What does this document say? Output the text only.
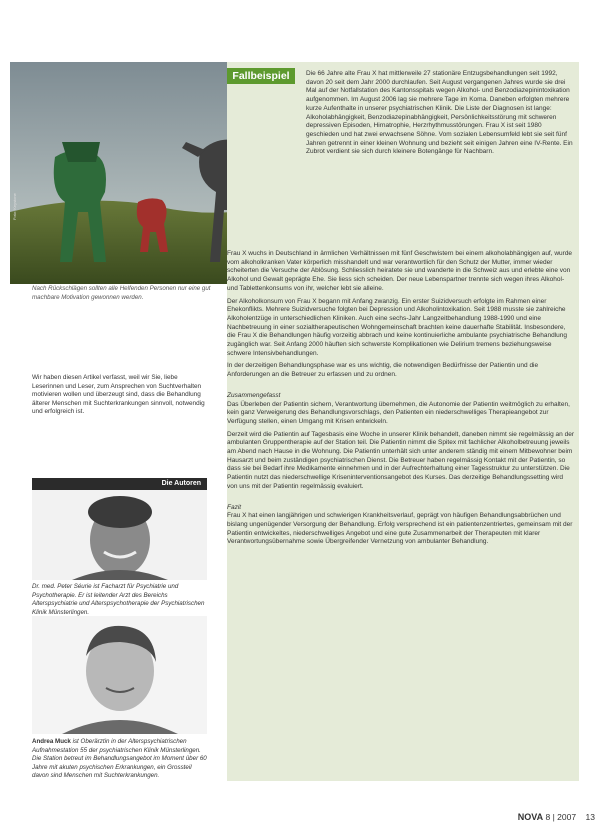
Foto: Keystone
Nach Rückschlägen sollten alle Helfenden Personen nur eine gut machbare Motivation gewonnen werden.

Wir haben diesen Artikel verfasst, weil wir Sie, liebe Leserinnen und Leser, zum Ansprechen von Suchtverhalten motivieren wollen und überzeugt sind, dass die Behandlung älterer Menschen mit Suchterkrankungen sinnvoll, notwendig und erfolgreich ist.

Fallbeispiel	Die 66 Jahre alte Frau X hat mittlerweile 27 stationäre Entzugsbehandlungen seit 1992, davon 20 seit dem Jahr 2000 durchlaufen. Seit August vergangenen Jahres wurde sie drei Mal auf der Notfallstation des Kantonsspitals wegen Alkohol- und Benzodiazepinintoxikation aufgenommen. Im August 2006 lag sie mehrere Tage im Koma. Daneben erfolgten mehrere kurze Aufenthalte in unserer psychiatrischen Klinik. Die Liste der Diagnosen ist lange: Alkoholabhängigkeit, Benzodiazepinabhängigkeit, Persönlichkeitsstörung mit schweren depressiven Episoden, Hirnatrophie, Herzrhythmusstörungen. Frau X ist seit 1980 geschieden und hat zwei erwachsene Söhne. Vom sozialen Lebensumfeld lebt sie seit fünf Jahren getrennt in einer kleinen Wohnung und bezieht seit einigen Jahren eine IV-Rente. Ein Zubrot verdient sie sich durch kleinere Botengänge für Nachbarn.

Frau X wuchs in Deutschland in ärmlichen Verhältnissen mit fünf Geschwistern bei einem alkoholabhängigen auf, wurde vom alkoholkranken Vater körperlich misshandelt und war verantwortlich für den Schutz der Mutter, immer wieder scheiterten die Versuche der Ablösung. Schliesslich heiratete sie und wanderte in die Schweiz aus und erlebte eine von Alkohol und Gewalt geprägte Ehe. Sie liess sich scheiden. Der neue Lebenspartner trennte sich wegen ihres Alkohol- und Tablettenkonsums von ihr, welcher lebt sie alleine.

Der Alkoholkonsum von Frau X begann mit Anfang zwanzig. Ein erster Suizidversuch erfolgte im Rahmen einer Ehekonflikts. Mehrere Suizidversuche folgten bei Depression und Alkoholintoxikation. Seit 1988 musste sie zahlreiche Alkoholentzüge in unterschiedlichen Kliniken. Auch eine sechs-Jahr Langzeitbehandlung 1988-1990 und eine Nachbetreuung in einer sozialtherapeutischen Wohngemeinschaft brachten keine dauerhafte Stabilität. Insbesondere, die Frau X die Behandlungen häufig vorzeitig abbrach und keine kontinuierliche ambulante psychiatrische Behandlung zugänglich war. Seit Anfang 2000 häuften sich schwerste Komplikationen wie Delirium tremens beziehungsweise schwere Intensivbehandlungen.

In der derzeitigen Behandlungsphase war es uns wichtig, die notwendigen Bedürfnisse der Patientin und die Anforderungen an die Betreuer zu erfassen und zu ordnen.

Zusammengefasst

Das Überleben der Patientin sichern, Verantwortung übernehmen, die Autonomie der Patientin weitmöglich zu erhalten, kein ganz Verweigerung des Behandlungsvorschlags, den Patienten ein niederschwelliges Therapieangebot zur Verfügung stellen, einen Umgang mit Krisen entwickeln.

Derzeit wird die Patientin auf Tagesbasis eine Woche in unserer Klinik behandelt, daneben nimmt sie regelmässig an der ambulanten Gruppentherapie auf der Station teil. Die Patientin nimmt die Spitex mit fachlicher Alkoholbetreuung jeweils am Abend nach Hause in die Wohnung. Die Patientin unterhält sich unter anderem ständig mit einem Mitbewohner beim Hausarzt und beim zuständigen psychiatrischen Dienst. Die Betreuer haben regelmässig Kontakt mit der Patientin, so dass sie bei Bedarf ihre Medikamente einnehmen und in der Aufrechterhaltung einer Tagesstruktur zu unterstützen. Die Patientin nutzt das niederschwellige Kriseninterventionsangebot des Kurses. Das derzeitige Behandlungssetting wird von uns mit der Patientin regelmässig evaluiert.

Fazit

Frau X hat einen langjährigen und schwierigen Krankheitsverlauf, geprägt von häufigen Behandlungsabbrüchen und bislang ungenügender Versorgung der Behandlung. Erfolg versprechend ist ein patientenzentriertes, gemeinsam mit der Patientin entwickeltes, niederschwelliges Angebot und eine gute Zusammenarbeit der Therapeuten mit klarer Verantwortungsübernahme sowie Übergreifender Vernetzung von ambulanter Behandlung.

Die Autoren
Dr. med. Peter Séurie ist Facharzt für Psychiatrie und Psychotherapie. Er ist leitender Arzt des Bereichs Alterspsychiatrie und Alterspsychotherapie der Psychiatrischen Klinik Münsterlingen.
Andrea Muck ist Oberärztin in der Alterspsychiatrischen Aufnahmestation 55 der psychiatrischen Klinik Münsterlingen. Die Station betreut im Behandlungsangebot im Moment über 60 Jahre mit akuten psychischen Erkrankungen, ein Grossteil davon sind Menschen mit Suchterkrankungen.
NOVA 8 | 2007 13
